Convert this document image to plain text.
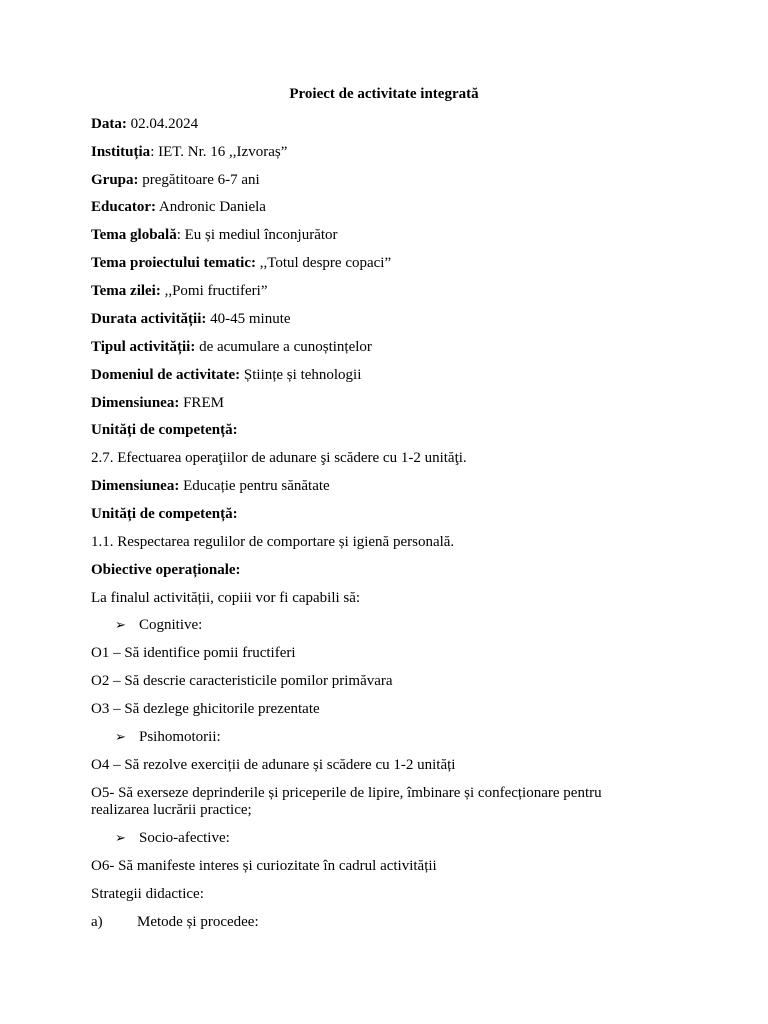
Proiect de activitate integrată
Data: 02.04.2024
Instituția: IET. Nr. 16 ,,Izvoraș”
Grupa: pregătitoare 6-7 ani
Educator: Andronic Daniela
Tema globală: Eu și mediul înconjurător
Tema proiectului tematic: ,,Totul despre copaci”
Tema zilei: ,,Pomi fructiferi”
Durata activității: 40-45 minute
Tipul activității: de acumulare a cunoștințelor
Domeniul de activitate: Științe și tehnologii
Dimensiunea: FREM
Unități de competență:
2.7. Efectuarea operaţiilor de adunare şi scădere cu 1-2 unităţi.
Dimensiunea: Educație pentru sănătate
Unități de competență:
1.1. Respectarea regulilor de comportare și igienă personală.
Obiective operaționale:
La finalul activității, copiii vor fi capabili să:
➢ Cognitive:
O1 – Să identifice pomii fructiferi
O2 – Să descrie caracteristicile pomilor primăvara
O3 – Să dezlege ghicitorile prezentate
➢ Psihomotorii:
O4 – Să rezolve exerciții de adunare și scădere cu 1-2 unități
O5- Să exerseze deprinderile și priceperile de lipire, îmbinare și confecționare pentru
realizarea lucrării practice;
➢ Socio-afective:
O6- Să manifeste interes și curiozitate în cadrul activității
Strategii didactice:
a) Metode și procedee:
